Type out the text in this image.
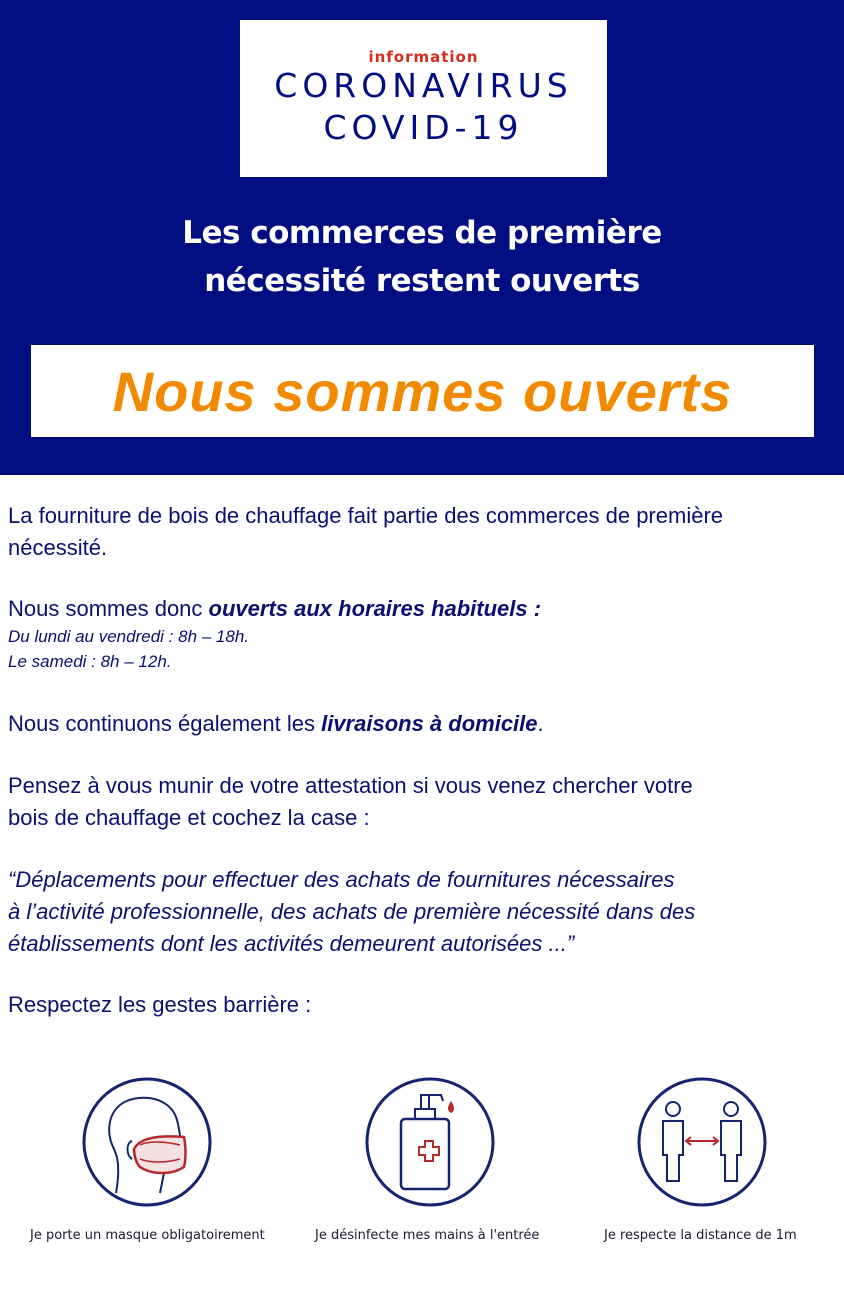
information
CORONAVIRUS
COVID-19
Les commerces de première
nécessité restent ouverts
Nous sommes ouverts
La fourniture de bois de chauffage fait partie des commerces de première
nécessité.
Nous sommes donc ouverts aux horaires habituels :
Du lundi au vendredi : 8h – 18h.
Le samedi : 8h – 12h.
Nous continuons également les livraisons à domicile.
Pensez à vous munir de votre attestation si vous venez chercher votre
bois de chauffage et cochez la case :
“Déplacements pour effectuer des achats de fournitures nécessaires
à l’activité professionnelle, des achats de première nécessité dans des
établissements dont les activités demeurent autorisées ...”
Respectez les gestes barrière :
Je porte un masque obligatoirement	Je désinfecte mes mains à l'entrée	Je respecte la distance de 1m
